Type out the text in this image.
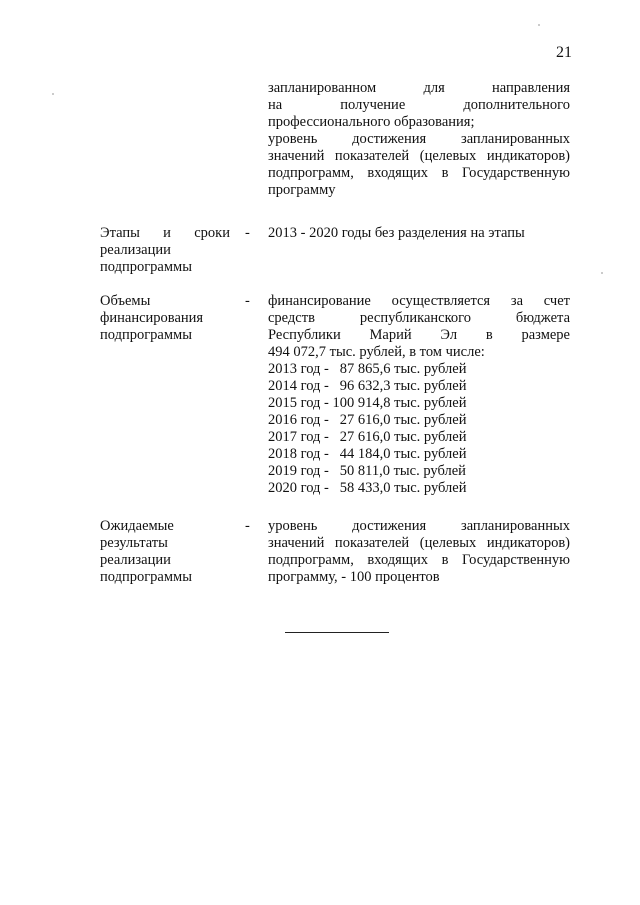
21
запланированном для направления
на получение дополнительного
профессионального образования;
уровень достижения запланированных
значений показателей (целевых индикаторов)
подпрограмм, входящих в Государственную
программу
Этапы и сроки
реализации
подпрограммы
- 2013 - 2020 годы без разделения на этапы
Объемы
финансирования
подпрограммы
- финансирование осуществляется за счет
средств республиканского бюджета
Республики Марий Эл в размере
494 072,7 тыс. рублей, в том числе:
2013 год -   87 865,6 тыс. рублей
2014 год -   96 632,3 тыс. рублей
2015 год - 100 914,8 тыс. рублей
2016 год -   27 616,0 тыс. рублей
2017 год -   27 616,0 тыс. рублей
2018 год -   44 184,0 тыс. рублей
2019 год -   50 811,0 тыс. рублей
2020 год -   58 433,0 тыс. рублей
Ожидаемые
результаты
реализации
подпрограммы
- уровень достижения запланированных
значений показателей (целевых индикаторов)
подпрограмм, входящих в Государственную
программу, - 100 процентов
